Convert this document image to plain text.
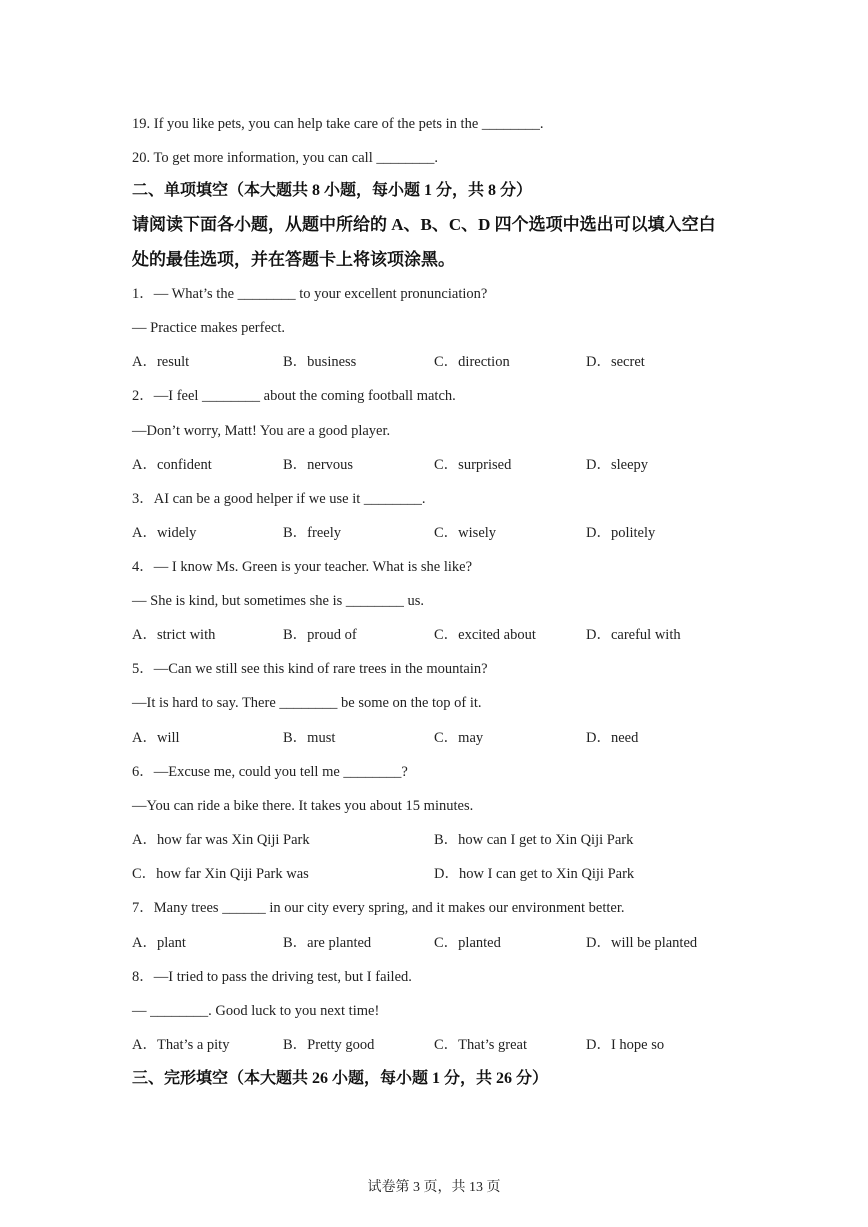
19. If you like pets, you can help take care of the pets in the ________.
20. To get more information, you can call ________.
二、单项填空（本大题共 8 小题，每小题 1 分，共 8 分）
请阅读下面各小题，从题中所给的 A、B、C、D 四个选项中选出可以填入空白
处的最佳选项，并在答题卡上将该项涂黑。
1．— What’s the ________ to your excellent pronunciation?
— Practice makes perfect.
A．result	B．business	C．direction	D．secret
2．—I feel ________ about the coming football match.
—Don’t worry, Matt! You are a good player.
A．confident	B．nervous	C．surprised	D．sleepy
3．AI can be a good helper if we use it ________.
A．widely	B．freely	C．wisely	D．politely
4．— I know Ms. Green is your teacher. What is she like?
— She is kind, but sometimes she is ________ us.
A．strict with	B．proud of	C．excited about	D．careful with
5．—Can we still see this kind of rare trees in the mountain?
—It is hard to say. There ________ be some on the top of it.
A．will	B．must	C．may	D．need
6．—Excuse me, could you tell me ________?
—You can ride a bike there. It takes you about 15 minutes.
A．how far was Xin Qiji Park	B．how can I get to Xin Qiji Park
C．how far Xin Qiji Park was	D．how I can get to Xin Qiji Park
7．Many trees ______ in our city every spring, and it makes our environment better.
A．plant	B．are planted	C．planted	D．will be planted
8．—I tried to pass the driving test, but I failed.
— ________. Good luck to you next time!
A．That’s a pity	B．Pretty good	C．That’s great	D．I hope so
三、完形填空（本大题共 26 小题，每小题 1 分，共 26 分）
试卷第 3 页，共 13 页
